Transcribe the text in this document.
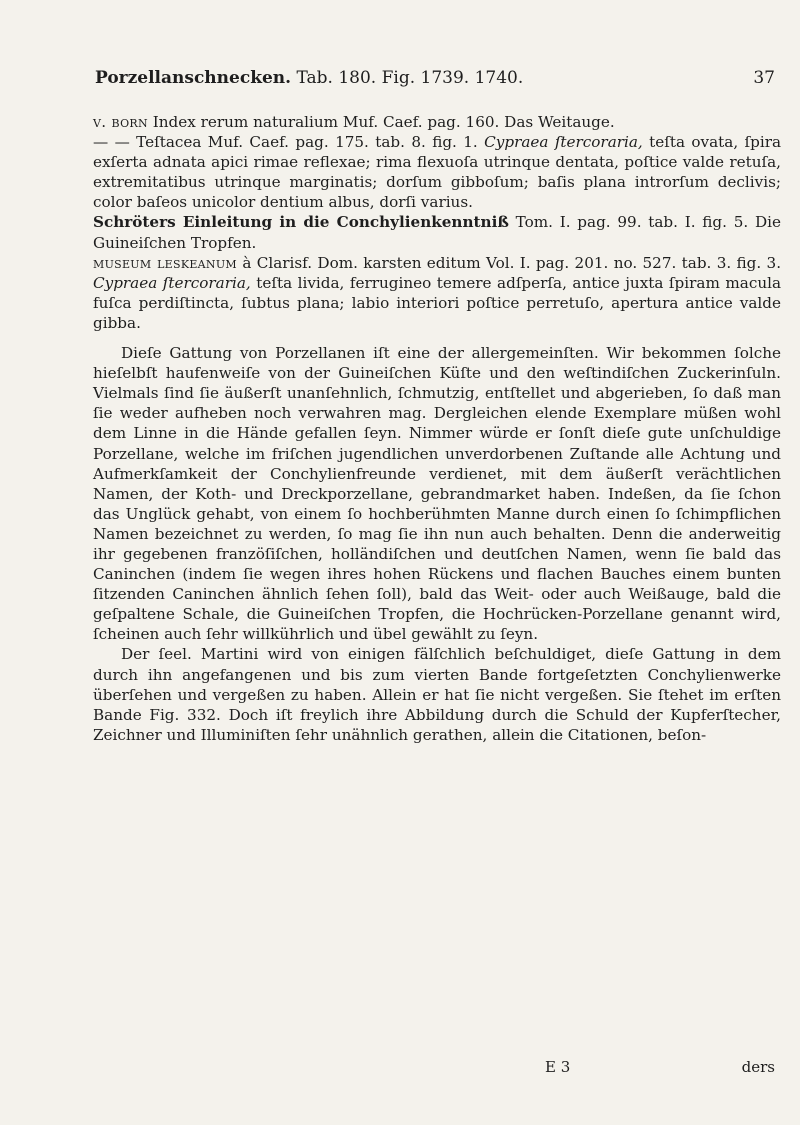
Porzellanschnecken. Tab. 180. Fig. 1739. 1740.	37

v. born Index rerum naturalium Muf. Caef. pag. 160. Das Weitauge.

— — Teſtacea Muf. Caef. pag. 175. tab. 8. fig. 1. Cypraea ſtercoraria, teſta ovata, ſpira exſerta adnata apici rimae reflexae; rima flexuoſa utrinque dentata, poſtice valde retuſa, extremitatibus utrinque marginatis; dorſum gibboſum; baſis plana introrſum declivis; color baſeos unicolor dentium albus, dorſi varius.

Schröters Einleitung in die Conchylienkenntniß Tom. I. pag. 99. tab. I. fig. 5. Die Guineiſchen Tropfen.

museum leskeanum à Clarisf. Dom. karsten editum Vol. I. pag. 201. no. 527. tab. 3. fig. 3. Cypraea ſtercoraria, teſta livida, ferrugineo temere adſperſa, antice juxta ſpiram macula fuſca perdiſtincta, ſubtus plana; labio interiori poſtice perretuſo, apertura antice valde gibba.

Dieſe Gattung von Porzellanen iſt eine der allergemeinſten. Wir bekommen ſolche hieſelbſt haufenweiſe von der Guineiſchen Küſte und den weſtindiſchen Zuckerinſuln. Vielmals ſind ſie äußerſt unanſehnlich, ſchmutzig, entſtellet und abgerieben, ſo daß man ſie weder aufheben noch verwahren mag. Dergleichen elende Exemplare müßen wohl dem Linne in die Hände gefallen ſeyn. Nimmer würde er ſonſt dieſe gute unſchuldige Porzellane, welche im friſchen jugendlichen unverdorbenen Zuſtande alle Achtung und Aufmerkſamkeit der Conchylienfreunde verdienet, mit dem äußerſt verächtlichen Namen, der Koth- und Dreckporzellane, gebrandmarket haben. Indeßen, da ſie ſchon das Unglück gehabt, von einem ſo hochberühmten Manne durch einen ſo ſchimpflichen Namen bezeichnet zu werden, ſo mag ſie ihn nun auch behalten. Denn die anderweitig ihr gegebenen franzöſiſchen, holländiſchen und deutſchen Namen, wenn ſie bald das Caninchen (indem ſie wegen ihres hohen Rückens und flachen Bauches einem bunten ſitzenden Caninchen ähnlich ſehen ſoll), bald das Weit- oder auch Weißauge, bald die geſpaltene Schale, die Guineiſchen Tropfen, die Hochrücken-Porzellane genannt wird, ſcheinen auch ſehr willkührlich und übel gewählt zu ſeyn.

Der ſeel. Martini wird von einigen fälſchlich beſchuldiget, dieſe Gattung in dem durch ihn angefangenen und bis zum vierten Bande fortgeſetzten Conchylienwerke überſehen und vergeßen zu haben. Allein er hat ſie nicht vergeßen. Sie ſtehet im erſten Bande Fig. 332. Doch iſt freylich ihre Abbildung durch die Schuld der Kupferſtecher, Zeichner und Illuminiſten ſehr unähnlich gerathen, allein die Citationen, beſon-

E 3	ders
